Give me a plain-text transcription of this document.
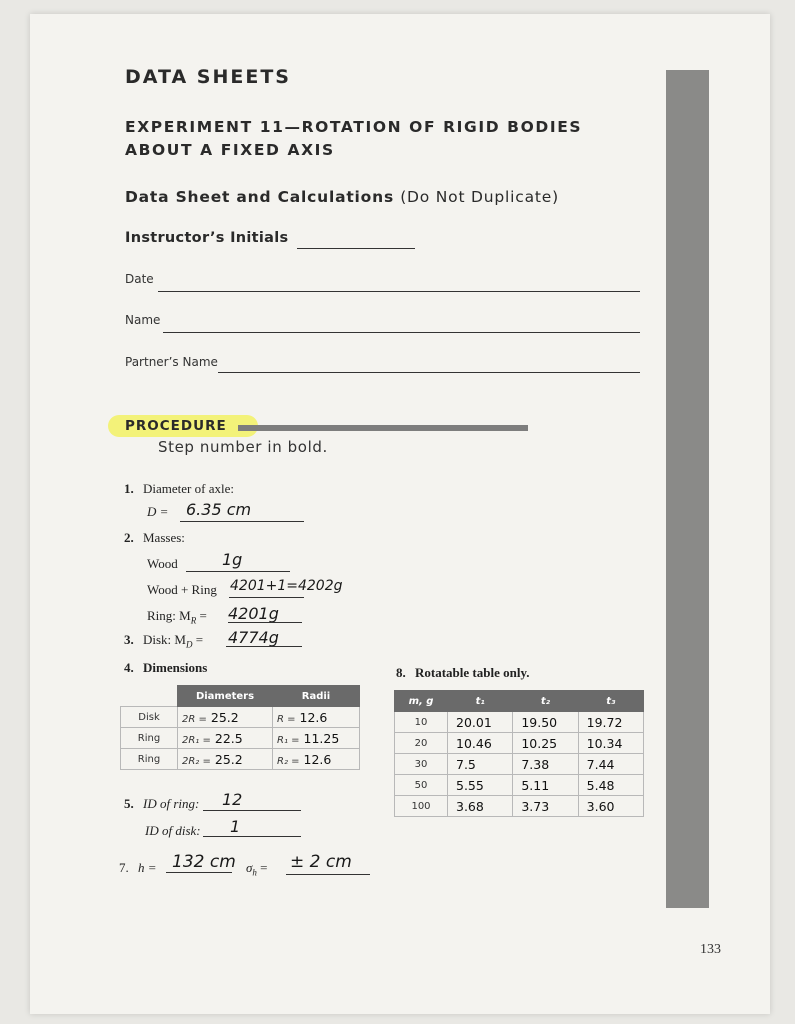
DATA SHEETS
EXPERIMENT 11—ROTATION OF RIGID BODIES
ABOUT A FIXED AXIS
Data Sheet and Calculations (Do Not Duplicate)
Instructor’s Initials
Date
Name
Partner’s Name
PROCEDURE
Step number in bold.
1. Diameter of axle:
D = 6.35 cm
2. Masses:
Wood	1g
Wood + Ring 4201+1=4202g
Ring: $M_R = 4201g$
3. Disk: $M_D = 4774g$
4. Dimensions
	Diameters	Radii
Disk	2R = 25.2	R = 12.6
Ring	2R₁ = 22.5	R₁ = 11.25
Ring	2R₂ = 25.2	R₂ = 12.6
5. ID of ring: 12
ID of disk: 1
7. h = 132 cm $\sigma_h$ = ± 2 cm
8. Rotatable table only.
m, g	t₁	t₂	t₃
10	20.01	19.50	19.72
20	10.46	10.25	10.34
30	7.5	7.38	7.44
50	5.55	5.11	5.48
100	3.68	3.73	3.60
133
